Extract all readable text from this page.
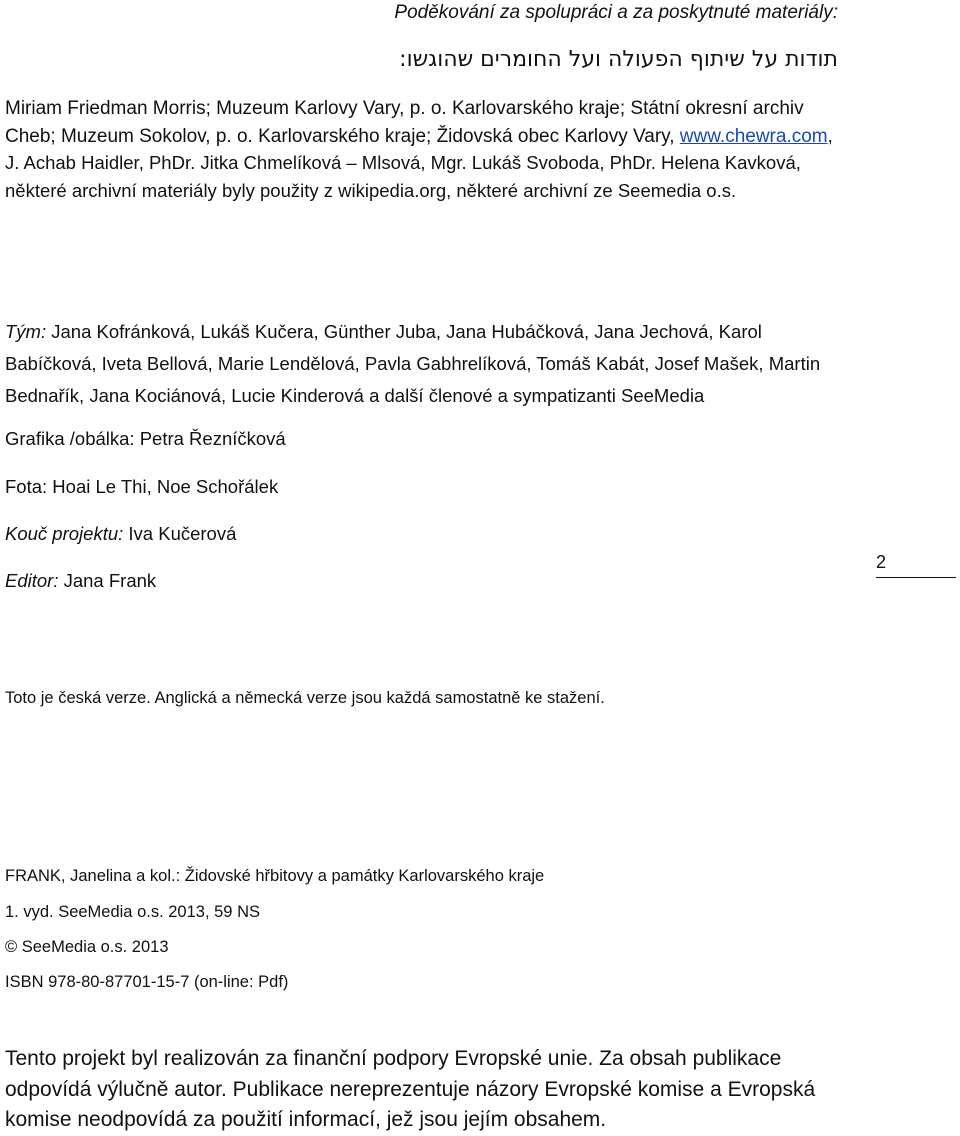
Poděkování za spolupráci a za poskytnuté materiály:
תודות על שיתוף הפעולה ועל החומרים שהוגשו:
Miriam Friedman Morris; Muzeum Karlovy Vary, p. o. Karlovarského kraje; Státní okresní archiv Cheb; Muzeum Sokolov, p. o. Karlovarského kraje; Židovská obec Karlovy Vary, www.chewra.com, J. Achab Haidler, PhDr. Jitka Chmelíková – Mlsová, Mgr. Lukáš Svoboda, PhDr. Helena Kavková, některé archivní materiály byly použity z wikipedia.org, některé archivní ze Seemedia o.s.
Tým: Jana Kofránková, Lukáš Kučera, Günther Juba, Jana Hubáčková, Jana Jechová, Karol Babíčková, Iveta Bellová, Marie Lendělová, Pavla Gabhrelíková, Tomáš Kabát, Josef Mašek, Martin Bednařík, Jana Kociánová, Lucie Kinderová a další členové a sympatizanti SeeMedia
Grafika /obálka: Petra Řezníčková
Fota: Hoai Le Thi, Noe Schořálek
Kouč projektu: Iva Kučerová
Editor: Jana Frank
2
Toto je česká verze. Anglická a německá verze jsou každá samostatně ke stažení.
FRANK, Janelina a kol.: Židovské hřbitovy a památky Karlovarského kraje
1. vyd. SeeMedia o.s. 2013, 59 NS
© SeeMedia o.s. 2013
ISBN 978-80-87701-15-7 (on-line: Pdf)
Tento projekt byl realizován za finanční podpory Evropské unie. Za obsah publikace odpovídá výlučně autor. Publikace nereprezentuje názory Evropské komise a Evropská komise neodpovídá za použití informací, jež jsou jejím obsahem.
